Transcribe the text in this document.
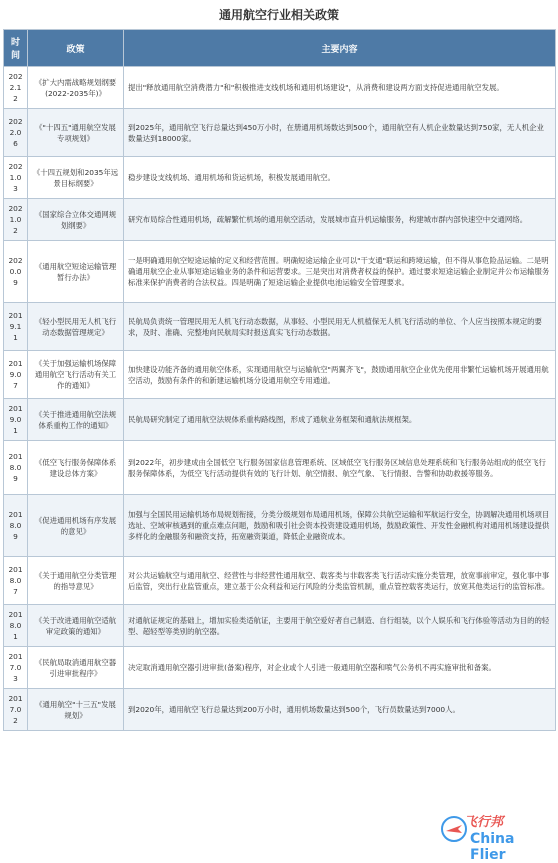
通用航空行业相关政策
时间	政策	主要内容
2022.12	《扩大内需战略规划纲要(2022-2035年)》	提出"释放通用航空消费潜力"和"积极推进支线机场和通用机场建设"，从消费和建设两方面支持促进通用航空发展。
2022.06	《"十四五"通用航空发展专项规划》	到2025年，通用航空飞行总量达到450万小时，在册通用机场数达到500个，通用航空有人机企业数量达到750家，无人机企业数量达到18000家。
2021.03	《十四五规划和2035年远景目标纲要》	稳步建设支线机场、通用机场和货运机场，积极发展通用航空。
2021.02	《国家综合立体交通网规划纲要》	研究布局综合性通用机场，疏解繁忙机场的通用航空活动，发展城市直升机运输服务，构建城市群内部快速空中交通网络。
2020.09	《通用航空短途运输管理暂行办法》	一是明确通用航空短途运输的定义和经营范围。明确短途运输企业可以"干支通"联运和跨境运输，但不得从事危险品运输。二是明确通用航空企业从事短途运输业务的条件和运营要求。三是突出对消费者权益的保护。通过要求短途运输企业制定并公布运输服务标准来保护消费者的合法权益。四是明确了短途运输企业提供电池运输安全管理要求。
2019.11	《轻小型民用无人机飞行动态数据管理规定》	民航局负责统一管理民用无人机飞行动态数据，从事轻、小型民用无人机植保无人机飞行活动的单位、个人应当按照本规定的要求，及时、准确、完整地向民航局实时报送真实飞行动态数据。
2019.07	《关于加强运输机场保障通用航空飞行活动有关工作的通知》	加快建设功能齐备的通用航空体系，实现通用航空与运输航空"两翼齐飞"，鼓励通用航空企业优先使用非繁忙运输机场开展通用航空活动，鼓励有条件的和新建运输机场分设通用航空专用通道。
2019.01	《关于推进通用航空法规体系重构工作的通知》	民航局研究制定了通用航空法规体系重构路线图，形成了通航业务框架和通航法规框架。
2018.09	《低空飞行服务保障体系建设总体方案》	到2022年，初步建成由全国低空飞行服务国家信息管理系统、区域低空飞行服务区域信息处理系统和飞行服务站组成的低空飞行服务保障体系，为低空飞行活动提供有效的飞行计划、航空情报、航空气象、飞行情报、告警和协助救援等服务。
2018.09	《促进通用机场有序发展的意见》	加强与全国民用运输机场布局规划衔接，分类分级规划布局通用机场，保障公共航空运输和军航运行安全，协调解决通用机场项目选址、空域审核遇到的重点难点问题，鼓励和吸引社会资本投资建设通用机场，鼓励政策性、开发性金融机构对通用机场建设提供多样化的金融服务和融资支持，拓宽融资渠道，降低企业融资成本。
2018.07	《关于通用航空分类管理的指导意见》	对公共运输航空与通用航空、经营性与非经营性通用航空、载客类与非载客类飞行活动实施分类管理，放宽事前审定，强化事中事后监管，突出行业监管重点，建立基于公众利益和运行风险的分类监管机制，重点管控载客类运行，放宽其他类运行的监管标准。
2018.01	《关于改进通用航空适航审定政策的通知》	对通航证规定的基础上，增加实验类适航证，主要用于航空爱好者自己制造、自行组装，以个人娱乐和飞行体验等活动为目的的轻型、超轻型等类别的航空器。
2017.03	《民航局取消通用航空器引进审批程序》	决定取消通用航空器引进审批(备案)程序，对企业或个人引进一般通用航空器和喷气公务机不再实施审批和备案。
2017.02	《通用航空"十三五"发展规划》	到2020年，通用航空飞行总量达到200万小时，通用机场数量达到500个，飞行员数量达到7000人。
飞行邦
China Flier
